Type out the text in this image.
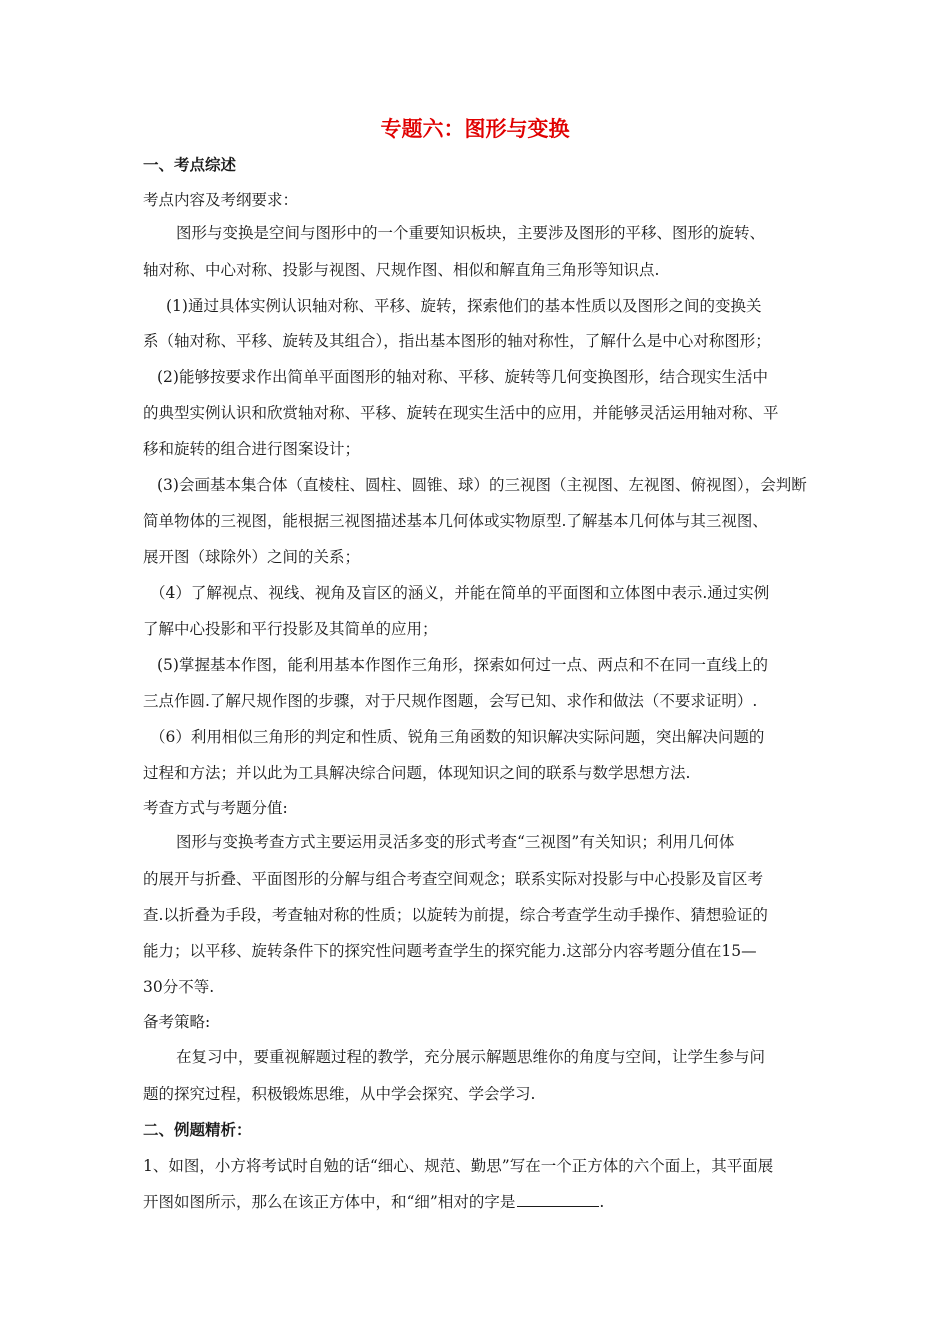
专题六：图形与变换
一、考点综述
考点内容及考纲要求：
图形与变换是空间与图形中的一个重要知识板块，主要涉及图形的平移、图形的旋转、
轴对称、中心对称、投影与视图、尺规作图、相似和解直角三角形等知识点.
(1)通过具体实例认识轴对称、平移、旋转，探索他们的基本性质以及图形之间的变换关
系（轴对称、平移、旋转及其组合），指出基本图形的轴对称性，了解什么是中心对称图形；
(2)能够按要求作出简单平面图形的轴对称、平移、旋转等几何变换图形，结合现实生活中
的典型实例认识和欣赏轴对称、平移、旋转在现实生活中的应用，并能够灵活运用轴对称、平
移和旋转的组合进行图案设计；
(3)会画基本集合体（直棱柱、圆柱、圆锥、球）的三视图（主视图、左视图、俯视图），会判断
简单物体的三视图，能根据三视图描述基本几何体或实物原型.了解基本几何体与其三视图、
展开图（球除外）之间的关系；
（4）了解视点、视线、视角及盲区的涵义，并能在简单的平面图和立体图中表示.通过实例
了解中心投影和平行投影及其简单的应用；
(5)掌握基本作图，能利用基本作图作三角形，探索如何过一点、两点和不在同一直线上的
三点作圆.了解尺规作图的步骤，对于尺规作图题，会写已知、求作和做法（不要求证明）.
（6）利用相似三角形的判定和性质、锐角三角函数的知识解决实际问题，突出解决问题的
过程和方法；并以此为工具解决综合问题，体现知识之间的联系与数学思想方法.
考查方式与考题分值:
图形与变换考查方式主要运用灵活多变的形式考查“三视图”有关知识；利用几何体
的展开与折叠、平面图形的分解与组合考查空间观念；联系实际对投影与中心投影及盲区考
查.以折叠为手段，考查轴对称的性质；以旋转为前提，综合考查学生动手操作、猜想验证的
能力；以平移、旋转条件下的探究性问题考查学生的探究能力.这部分内容考题分值在15—
30分不等.
备考策略:
在复习中，要重视解题过程的教学，充分展示解题思维你的角度与空间，让学生参与问
题的探究过程，积极锻炼思维，从中学会探究、学会学习.
二、例题精析：
1、如图，小方将考试时自勉的话“细心、规范、勤思”写在一个正方体的六个面上，其平面展
开图如图所示，那么在该正方体中，和“细”相对的字是	.
